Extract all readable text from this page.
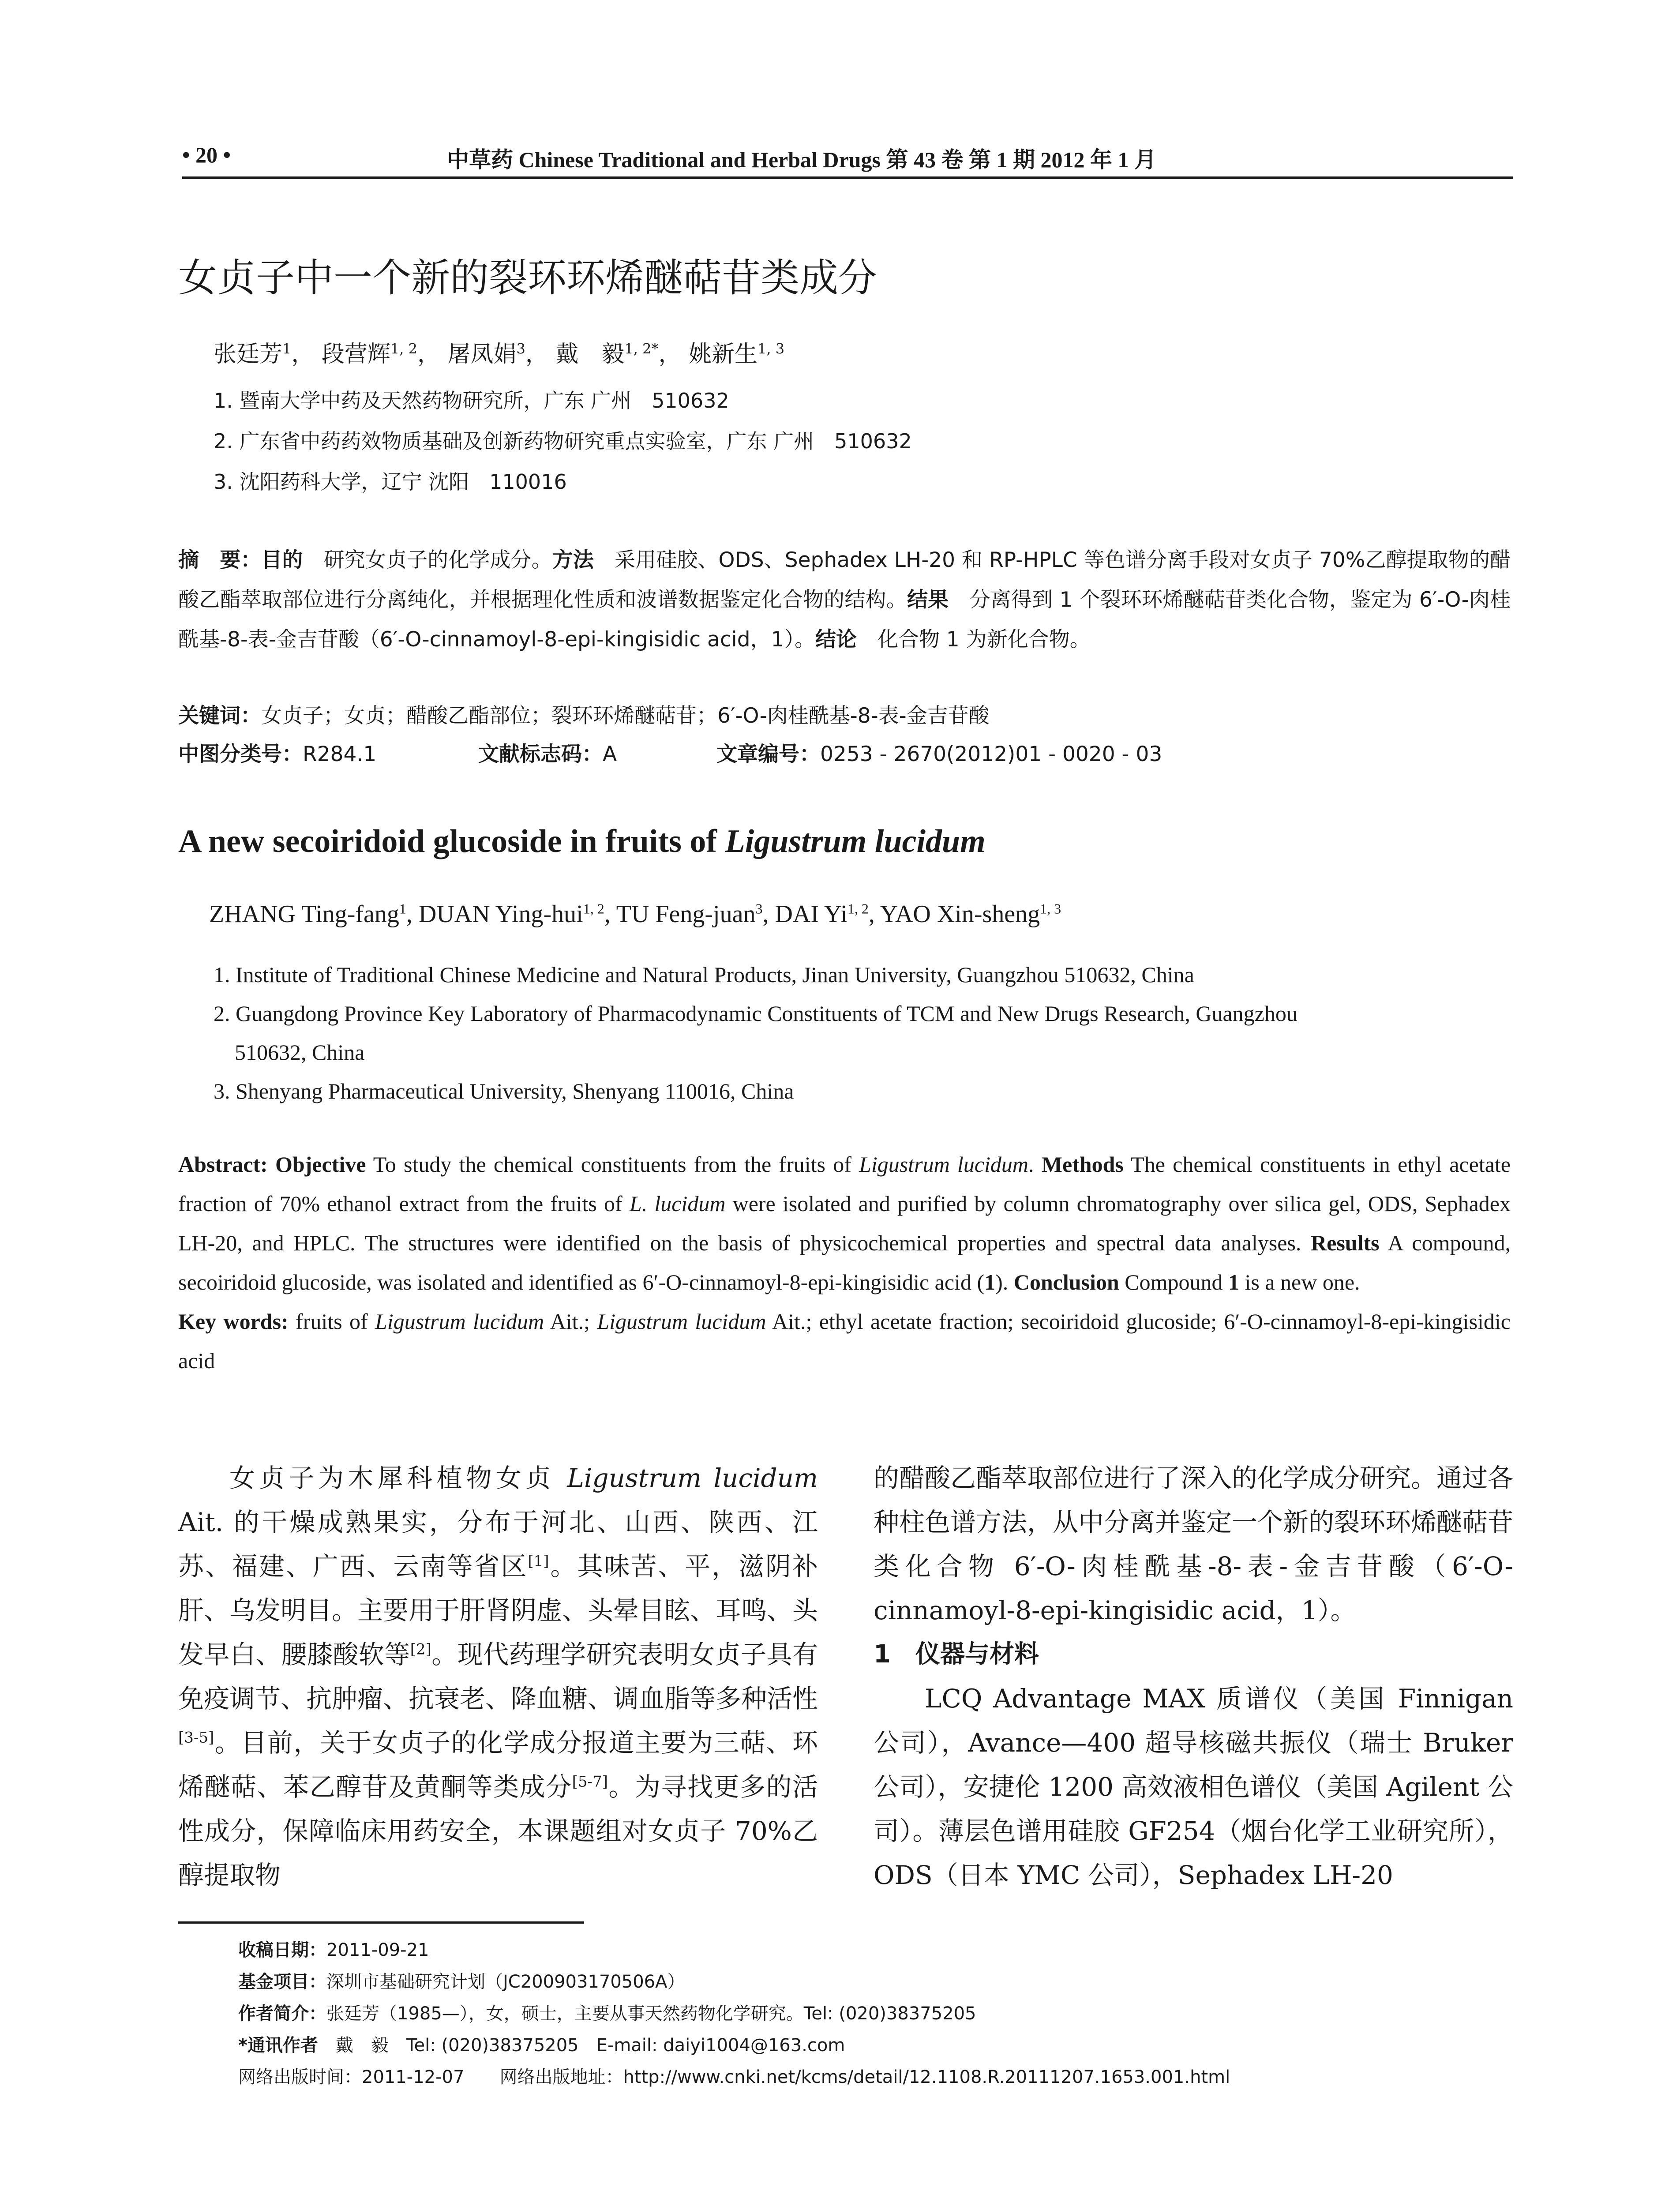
• 20 •	中草药 Chinese Traditional and Herbal Drugs 第 43 卷 第 1 期 2012 年 1 月
女贞子中一个新的裂环环烯醚萜苷类成分
张廷芳$^1$， 段营辉$^{1, 2}$， 屠凤娟$^3$， 戴　毅$^{1, 2*}$， 姚新生$^{1, 3}$
1. 暨南大学中药及天然药物研究所，广东 广州　510632
2. 广东省中药药效物质基础及创新药物研究重点实验室，广东 广州　510632
3. 沈阳药科大学，辽宁 沈阳　110016
摘　要：目的　研究女贞子的化学成分。方法　采用硅胶、ODS、Sephadex LH-20 和 RP-HPLC 等色谱分离手段对女贞子 70%乙醇提取物的醋酸乙酯萃取部位进行分离纯化，并根据理化性质和波谱数据鉴定化合物的结构。结果　分离得到 1 个裂环环烯醚萜苷类化合物，鉴定为 6′-O-肉桂酰基-8-表-金吉苷酸（6′-O-cinnamoyl-8-epi-kingisidic acid，1）。结论　化合物 1 为新化合物。
关键词：女贞子；女贞；醋酸乙酯部位；裂环环烯醚萜苷；6′-O-肉桂酰基-8-表-金吉苷酸
中图分类号：R284.1	文献标志码：A	文章编号：0253 - 2670(2012)01 - 0020 - 03
A new secoiridoid glucoside in fruits of Ligustrum lucidum
ZHANG Ting-fang$^1$, DUAN Ying-hui$^{1, 2}$, TU Feng-juan$^3$, DAI Yi$^{1, 2}$, YAO Xin-sheng$^{1, 3}$
1. Institute of Traditional Chinese Medicine and Natural Products, Jinan University, Guangzhou 510632, China
2. Guangdong Province Key Laboratory of Pharmacodynamic Constituents of TCM and New Drugs Research, Guangzhou
510632, China
3. Shenyang Pharmaceutical University, Shenyang 110016, China
Abstract: Objective To study the chemical constituents from the fruits of Ligustrum lucidum. Methods The chemical constituents in ethyl acetate fraction of 70% ethanol extract from the fruits of L. lucidum were isolated and purified by column chromatography over silica gel, ODS, Sephadex LH-20, and HPLC. The structures were identified on the basis of physicochemical properties and spectral data analyses. Results A compound, secoiridoid glucoside, was isolated and identified as 6′-O-cinnamoyl-8-epi-kingisidic acid (1). Conclusion Compound 1 is a new one.
Key words: fruits of Ligustrum lucidum Ait.; Ligustrum lucidum Ait.; ethyl acetate fraction; secoiridoid glucoside; 6′-O-cinnamoyl-8-epi-kingisidic acid
女贞子为木犀科植物女贞 Ligustrum lucidum Ait. 的干燥成熟果实，分布于河北、山西、陕西、江苏、福建、广西、云南等省区[1]。其味苦、平，滋阴补肝、乌发明目。主要用于肝肾阴虚、头晕目眩、耳鸣、头发早白、腰膝酸软等[2]。现代药理学研究表明女贞子具有免疫调节、抗肿瘤、抗衰老、降血糖、调血脂等多种活性[3-5]。目前，关于女贞子的化学成分报道主要为三萜、环烯醚萜、苯乙醇苷及黄酮等类成分[5-7]。为寻找更多的活性成分，保障临床用药安全，本课题组对女贞子 70%乙醇提取物

的醋酸乙酯萃取部位进行了深入的化学成分研究。通过各种柱色谱方法，从中分离并鉴定一个新的裂环环烯醚萜苷类化合物 6′-O-肉桂酰基-8-表-金吉苷酸（6′-O-cinnamoyl-8-epi-kingisidic acid，1）。

1　仪器与材料

LCQ Advantage MAX 质谱仪（美国 Finnigan 公司），Avance—400 超导核磁共振仪（瑞士 Bruker 公司），安捷伦 1200 高效液相色谱仪（美国 Agilent 公司）。薄层色谱用硅胶 GF254（烟台化学工业研究所），ODS（日本 YMC 公司），Sephadex LH-20

收稿日期：2011-09-21
基金项目：深圳市基础研究计划（JC200903170506A）
作者简介：张廷芳（1985—），女，硕士，主要从事天然药物化学研究。Tel: (020)38375205
*通讯作者　戴　毅　Tel: (020)38375205　E-mail: daiyi1004@163.com
网络出版时间：2011-12-07　　网络出版地址：http://www.cnki.net/kcms/detail/12.1108.R.20111207.1653.001.html
